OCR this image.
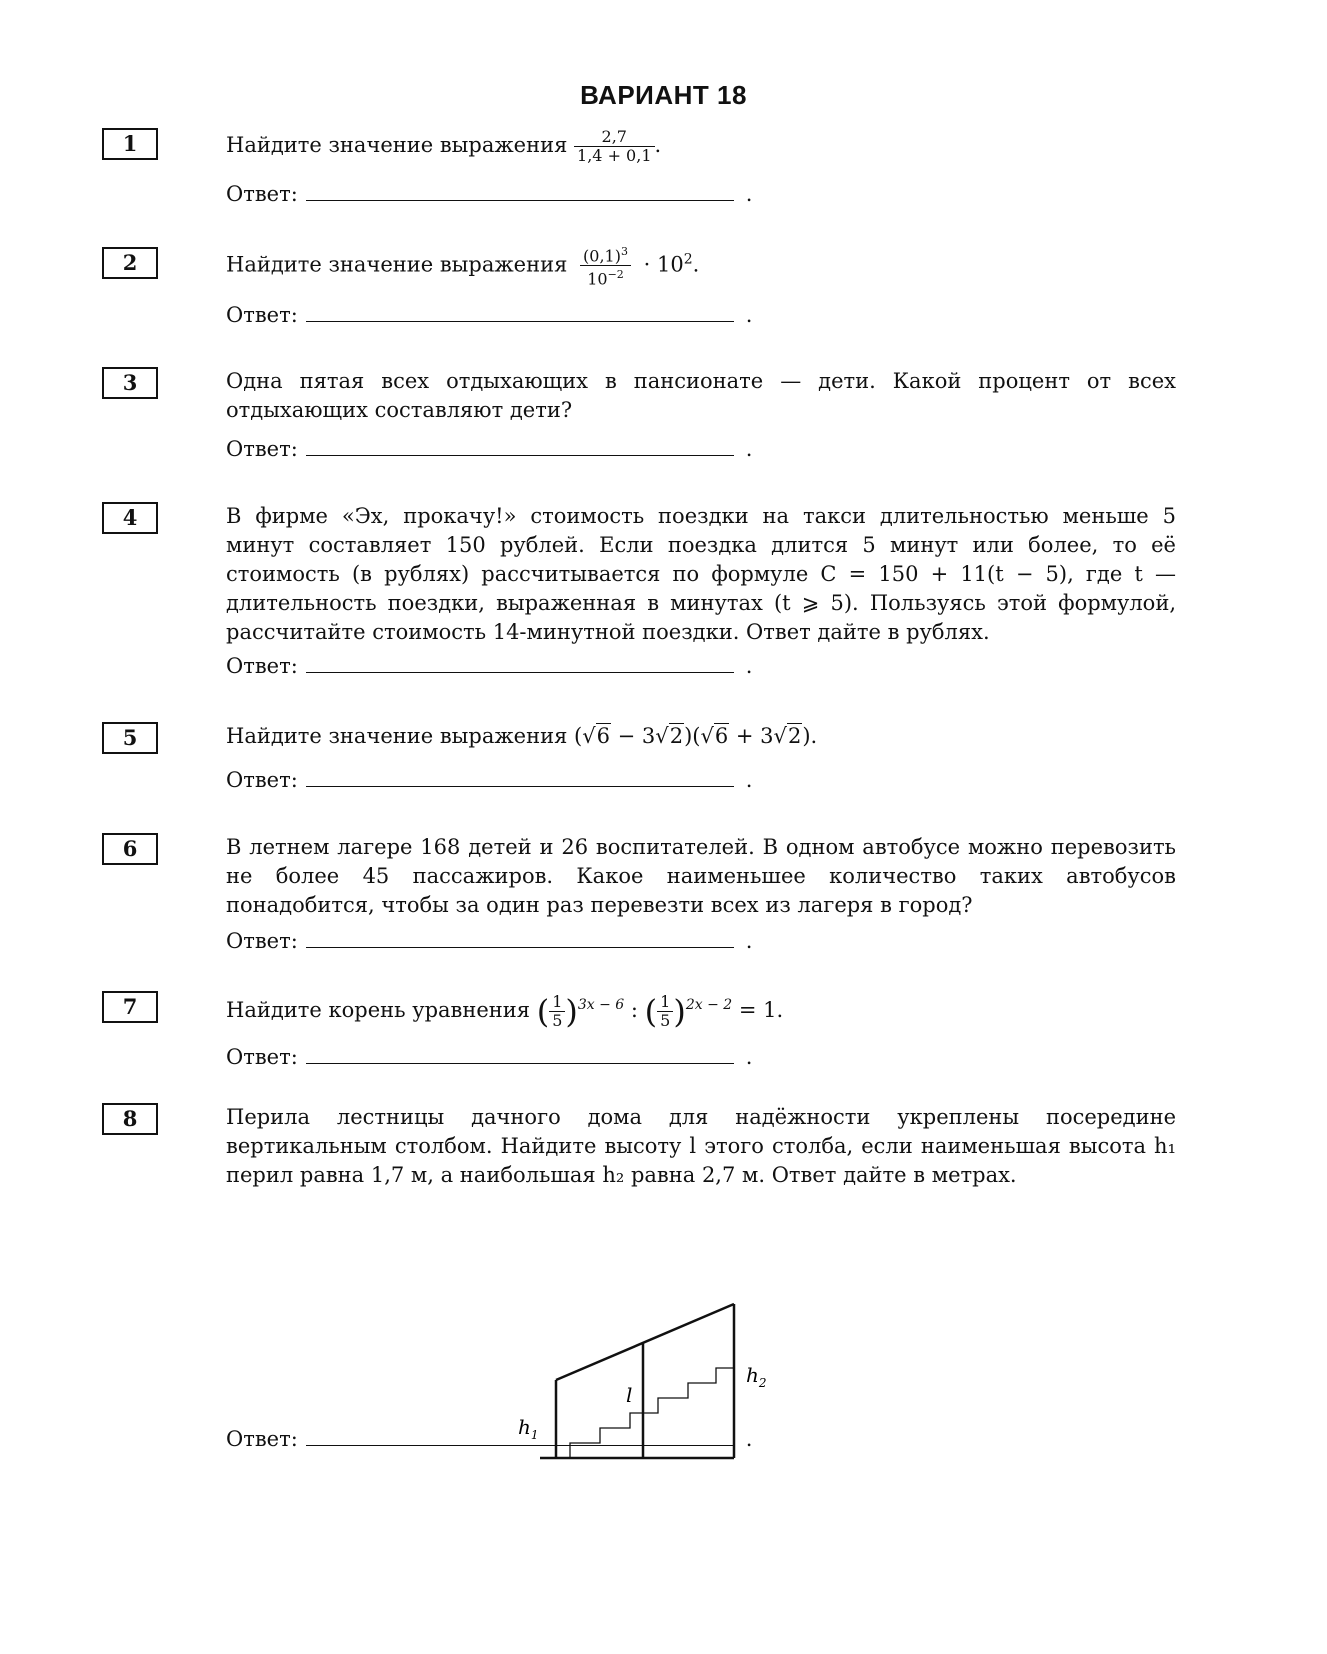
ВАРИАНТ 18
1	Найдите значение выражения $\frac{2,7}{1,4 + 0,1}$ .
Ответ:	.
2	Найдите значение выражения $\frac{(0,1)^3}{10^{-2}} \cdot 10^2$.
Ответ:	.
3	Одна пятая всех отдыхающих в пансионате — дети. Какой процент от всех отдыхающих составляют дети?
Ответ:	.
4	В фирме «Эх, прокачу!» стоимость поездки на такси длительностью меньше 5 минут составляет 150 рублей. Если поездка длится 5 минут или более, то её стоимость (в рублях) рассчитывается по формуле C = 150 + 11(t − 5), где t — длительность поездки, выраженная в минутах (t ⩾ 5). Пользуясь этой формулой, рассчитайте стоимость 14-минутной поездки. Ответ дайте в рублях.
Ответ:	.
5	Найдите значение выражения (√6 − 3√2)(√6 + 3√2).
Ответ:	.
6	В летнем лагере 168 детей и 26 воспитателей. В одном автобусе можно перевозить не более 45 пассажиров. Какое наименьшее количество таких автобусов понадобится, чтобы за один раз перевезти всех из лагеря в город?
Ответ:	.
7	Найдите корень уравнения ( $\frac{1}{5} )^{3x - 6}$ : ( $\frac{1}{5} )^{2x - 2} = 1$.
Ответ:	.
8	Перила лестницы дачного дома для надёжности укреплены посередине вертикальным столбом. Найдите высоту l этого столба, если наименьшая высота h₁ перил равна 1,7 м, а наибольшая h₂ равна 2,7 м. Ответ дайте в метрах.
l
$h_1$
$h_2$
Ответ:	.
